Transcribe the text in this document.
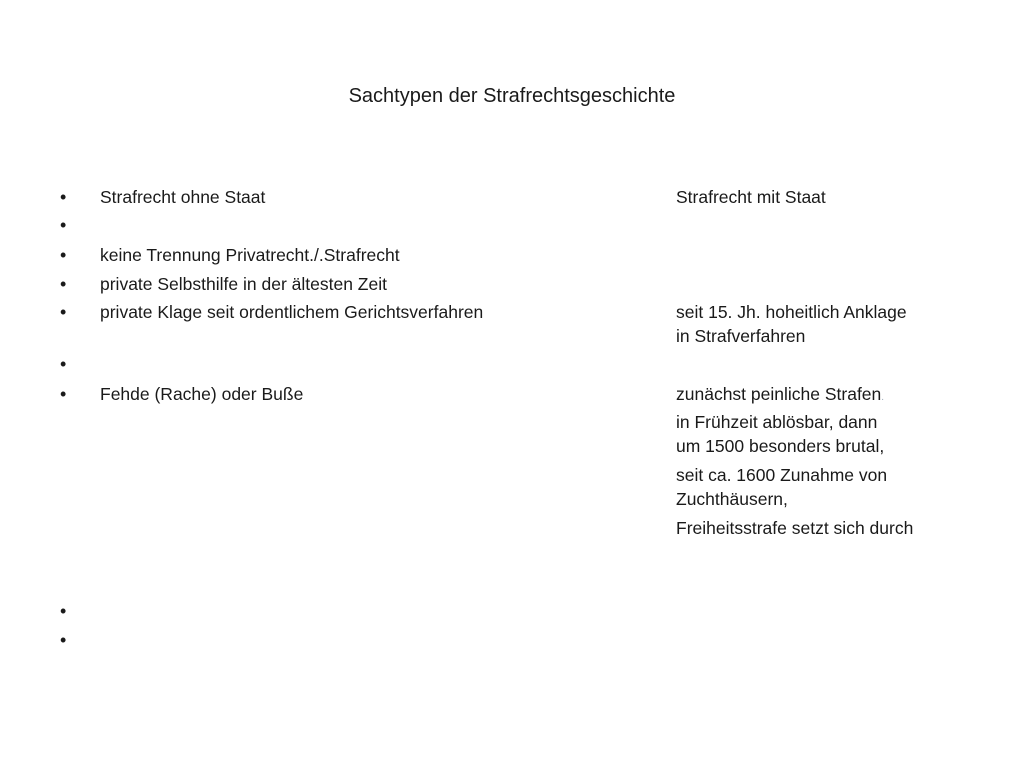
Sachtypen der Strafrechtsgeschichte
•
•
•
•
•
•
•
•
•
Strafrecht ohne Staat
keine Trennung Privatrecht./.Strafrecht
private Selbsthilfe in der ältesten Zeit
private Klage seit ordentlichem Gerichtsverfahren
Fehde (Rache) oder Buße
Strafrecht mit Staat
seit 15. Jh. hoheitlich Anklage
in Strafverfahren
zunächst peinliche Strafen.
in Frühzeit ablösbar, dann
um 1500 besonders brutal,
seit ca. 1600 Zunahme von
Zuchthäusern,
Freiheitsstrafe setzt sich durch
